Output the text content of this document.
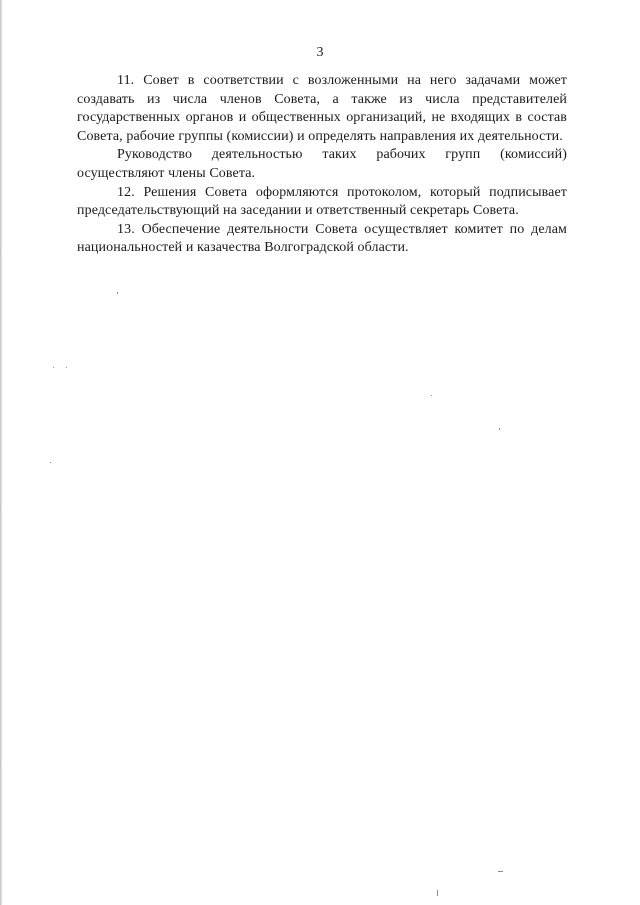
3

11. Совет в соответствии с возложенными на него задачами может создавать из числа членов Совета, а также из числа представителей государственных органов и общественных организаций, не входящих в состав Совета, рабочие группы (комиссии) и определять направления их деятельности.

Руководство деятельностью таких рабочих групп (комиссий) осуществляют члены Совета.

12. Решения Совета оформляются протоколом, который подписывает председательствующий на заседании и ответственный секретарь Совета.

13. Обеспечение деятельности Совета осуществляет комитет по делам национальностей и казачества Волгоградской области.
